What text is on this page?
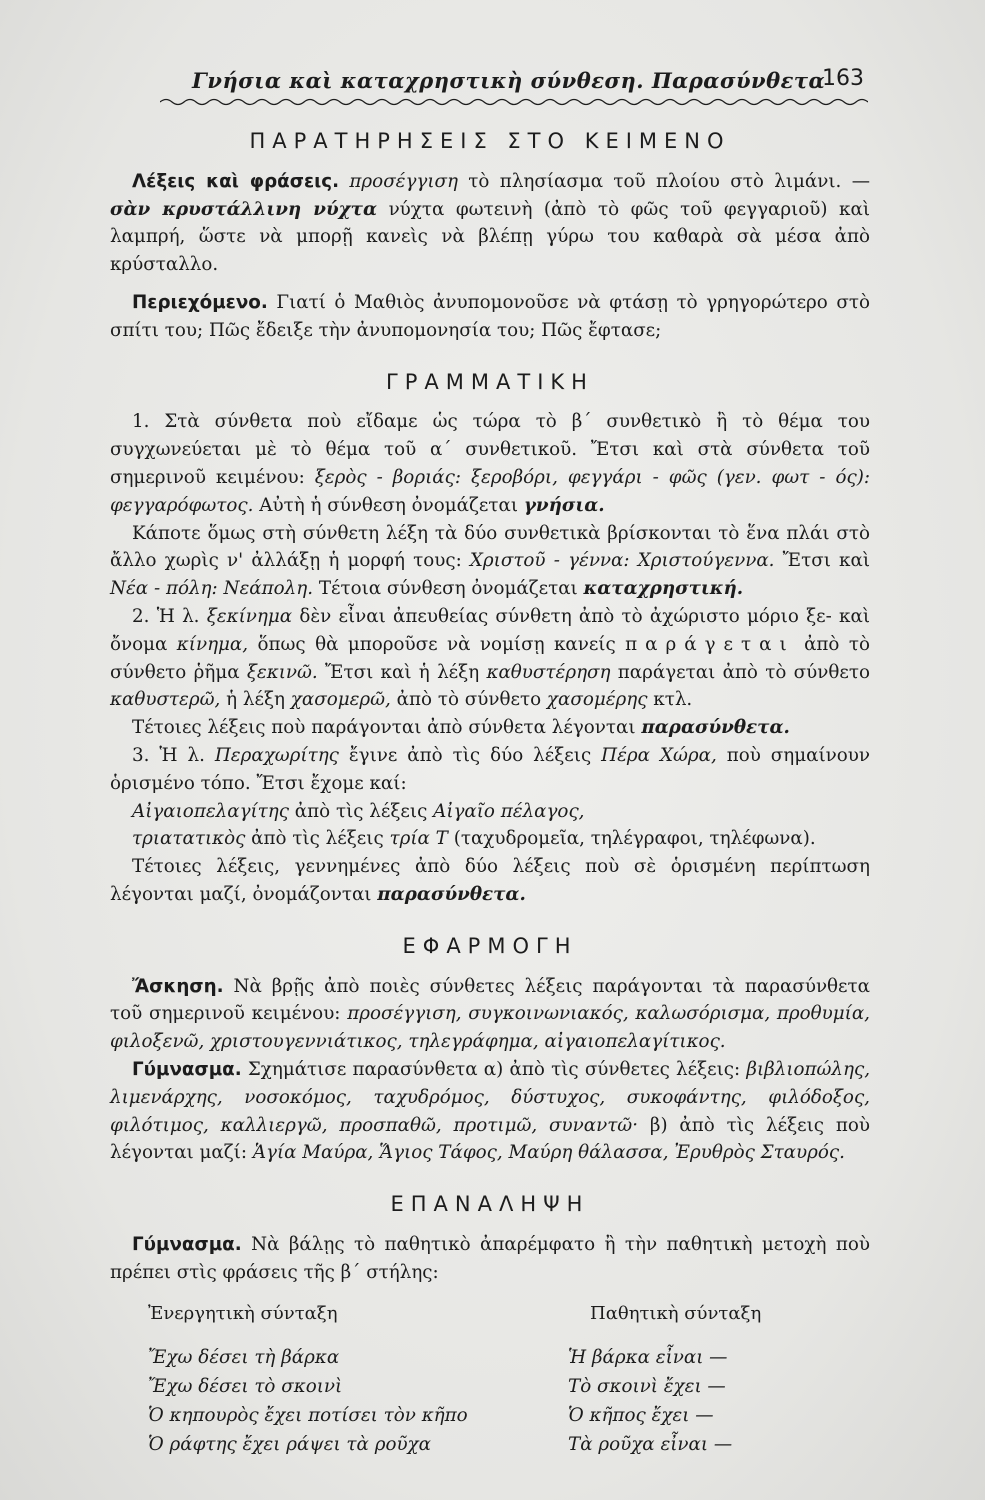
Γνήσια καὶ καταχρηστικὴ σύνθεση. Παρασύνθετα
163
ΠΑΡΑΤΗΡΗΣΕΙΣ ΣΤΟ ΚΕΙΜΕΝΟ

Λέξεις καὶ φράσεις. προσέγγιση τὸ πλησίασμα τοῦ πλοίου στὸ λιμάνι. — σὰν κρυστάλλινη νύχτα νύχτα φωτεινὴ (ἀπὸ τὸ φῶς τοῦ φεγγαριοῦ) καὶ λαμπρή, ὥστε νὰ μπορῇ κανεὶς νὰ βλέπῃ γύρω του καθαρὰ σὰ μέσα ἀπὸ κρύσταλλο.

Περιεχόμενο. Γιατί ὁ Μαθιὸς ἀνυπομονοῦσε νὰ φτάσῃ τὸ γρηγορώτερο στὸ σπίτι του; Πῶς ἔδειξε τὴν ἀνυπομονησία του; Πῶς ἔφτασε;

ΓΡΑΜΜΑΤΙΚΗ

1. Στὰ σύνθετα ποὺ εἴδαμε ὡς τώρα τὸ β΄ συνθετικὸ ἢ τὸ θέμα του συγχωνεύεται μὲ τὸ θέμα τοῦ α΄ συνθετικοῦ. Ἔτσι καὶ στὰ σύνθετα τοῦ σημερινοῦ κειμένου: ξερὸς - βοριάς: ξεροβόρι, φεγγάρι - φῶς (γεν. φωτ - ός): φεγγαρόφωτος. Αὐτὴ ἡ σύνθεση ὀνομάζεται γνήσια.

Κάποτε ὅμως στὴ σύνθετη λέξη τὰ δύο συνθετικὰ βρίσκονται τὸ ἕνα πλάι στὸ ἄλλο χωρὶς ν' ἀλλάξῃ ἡ μορφή τους: Χριστοῦ - γέννα: Χριστούγεννα. Ἔτσι καὶ Νέα - πόλη: Νεάπολη. Τέτοια σύνθεση ὀνομάζεται καταχρηστική.

2. Ἡ λ. ξεκίνημα δὲν εἶναι ἀπευθείας σύνθετη ἀπὸ τὸ ἀχώριστο μόριο ξε- καὶ ὄνομα κίνημα, ὅπως θὰ μποροῦσε νὰ νομίσῃ κανείς παράγεται ἀπὸ τὸ σύνθετο ῥῆμα ξεκινῶ. Ἔτσι καὶ ἡ λέξη καθυστέρηση παράγεται ἀπὸ τὸ σύνθετο καθυστερῶ, ἡ λέξη χασομερῶ, ἀπὸ τὸ σύνθετο χασομέρης κτλ.

Τέτοιες λέξεις ποὺ παράγονται ἀπὸ σύνθετα λέγονται παρασύνθετα.

3. Ἡ λ. Περαχωρίτης ἔγινε ἀπὸ τὶς δύο λέξεις Πέρα Χώρα, ποὺ σημαίνουν ὁρισμένο τόπο. Ἔτσι ἔχομε καί:

Αἰγαιοπελαγίτης ἀπὸ τὶς λέξεις Αἰγαῖο πέλαγος,

τριατατικὸς ἀπὸ τὶς λέξεις τρία Τ (ταχυδρομεῖα, τηλέγραφοι, τηλέφωνα).

Τέτοιες λέξεις, γεννημένες ἀπὸ δύο λέξεις ποὺ σὲ ὁρισμένη περίπτωση λέγονται μαζί, ὀνομάζονται παρασύνθετα.

ΕΦΑΡΜΟΓΗ

Ἄσκηση. Νὰ βρῇς ἀπὸ ποιὲς σύνθετες λέξεις παράγονται τὰ παρασύνθετα τοῦ σημερινοῦ κειμένου: προσέγγιση, συγκοινωνιακός, καλωσόρισμα, προθυμία, φιλοξενῶ, χριστουγεννιάτικος, τηλεγράφημα, αἰγαιοπελαγίτικος.

Γύμνασμα. Σχημάτισε παρασύνθετα α) ἀπὸ τὶς σύνθετες λέξεις: βιβλιοπώλης, λιμενάρχης, νοσοκόμος, ταχυδρόμος, δύστυχος, συκοφάντης, φιλόδοξος, φιλότιμος, καλλιεργῶ, προσπαθῶ, προτιμῶ, συναντῶ· β) ἀπὸ τὶς λέξεις ποὺ λέγονται μαζί: Ἁγία Μαύρα, Ἅγιος Τάφος, Μαύρη θάλασσα, Ἐρυθρὸς Σταυρός.

ΕΠΑΝΑΛΗΨΗ

Γύμνασμα. Νὰ βάλῃς τὸ παθητικὸ ἀπαρέμφατο ἢ τὴν παθητικὴ μετοχὴ ποὺ πρέπει στὶς φράσεις τῆς β΄ στήλης:

Ἐνεργητικὴ σύνταξη	Παθητικὴ σύνταξη
Ἔχω δέσει τὴ βάρκα	Ἡ βάρκα εἶναι —
Ἔχω δέσει τὸ σκοινὶ	Τὸ σκοινὶ ἔχει —
Ὁ κηπουρὸς ἔχει ποτίσει τὸν κῆπο	Ὁ κῆπος ἔχει —
Ὁ ράφτης ἔχει ράψει τὰ ροῦχα	Τὰ ροῦχα εἶναι —
